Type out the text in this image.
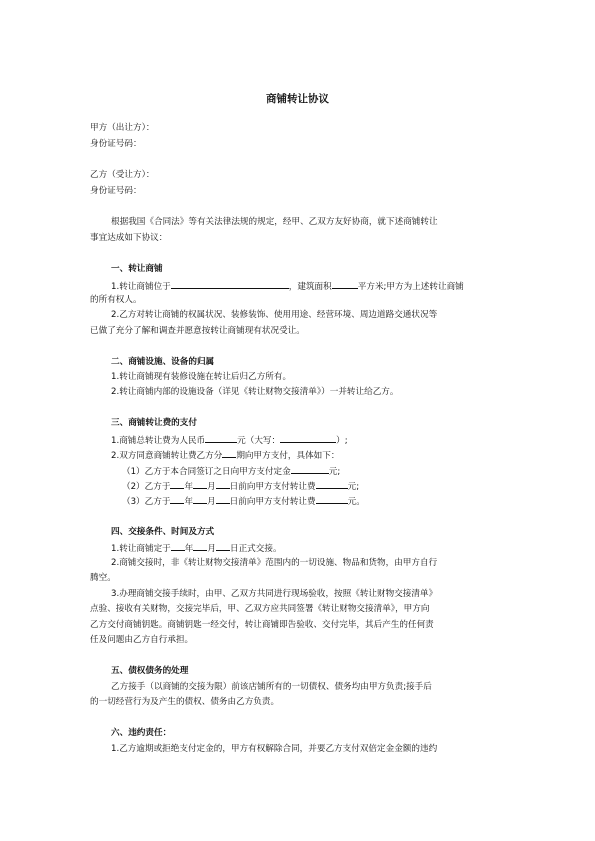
商铺转让协议
甲方（出让方）：
身份证号码：
乙方（受让方）：
身份证号码：
根据我国《合同法》等有关法律法规的规定，经甲、乙双方友好协商，就下述商铺转让
事宜达成如下协议：
一、转让商铺
1.转让商铺位于	，建筑面积	平方米;甲方为上述转让商铺
的所有权人。
2.乙方对转让商铺的权属状况、装修装饰、使用用途、经营环境、周边道路交通状况等
已做了充分了解和调查并愿意按转让商铺现有状况受让。
二、商铺设施、设备的归属
1.转让商铺现有装修设施在转让后归乙方所有。
2.转让商铺内部的设施设备（详见《转让财物交接清单》）一并转让给乙方。
三、商铺转让费的支付
1.商铺总转让费为人民币	元（大写：	）;
2.双方同意商铺转让费乙方分 期向甲方支付，具体如下：
（1）乙方于本合同签订之日向甲方支付定金	元;
（2）乙方于 年 月 日前向甲方支付转让费	元;
（3）乙方于 年 月 日前向甲方支付转让费	元。
四、交接条件、时间及方式
1.转让商铺定于 年 月 日正式交接。
2.商铺交接时，非《转让财物交接清单》范围内的一切设施、物品和货物，由甲方自行
腾空。
3.办理商铺交接手续时，由甲、乙双方共同进行现场验收，按照《转让财物交接清单》
点验、接收有关财物，交接完毕后，甲、乙双方应共同签署《转让财物交接清单》，甲方向
乙方交付商铺钥匙。商铺钥匙一经交付，转让商铺即告验收、交付完毕，其后产生的任何责
任及问题由乙方自行承担。
五、债权债务的处理
乙方接手（以商铺的交接为限）前该店铺所有的一切债权、债务均由甲方负责;接手后
的一切经营行为及产生的债权、债务由乙方负责。
六、违约责任：
1.乙方逾期或拒绝支付定金的，甲方有权解除合同，并要乙方支付双倍定金金额的违约
